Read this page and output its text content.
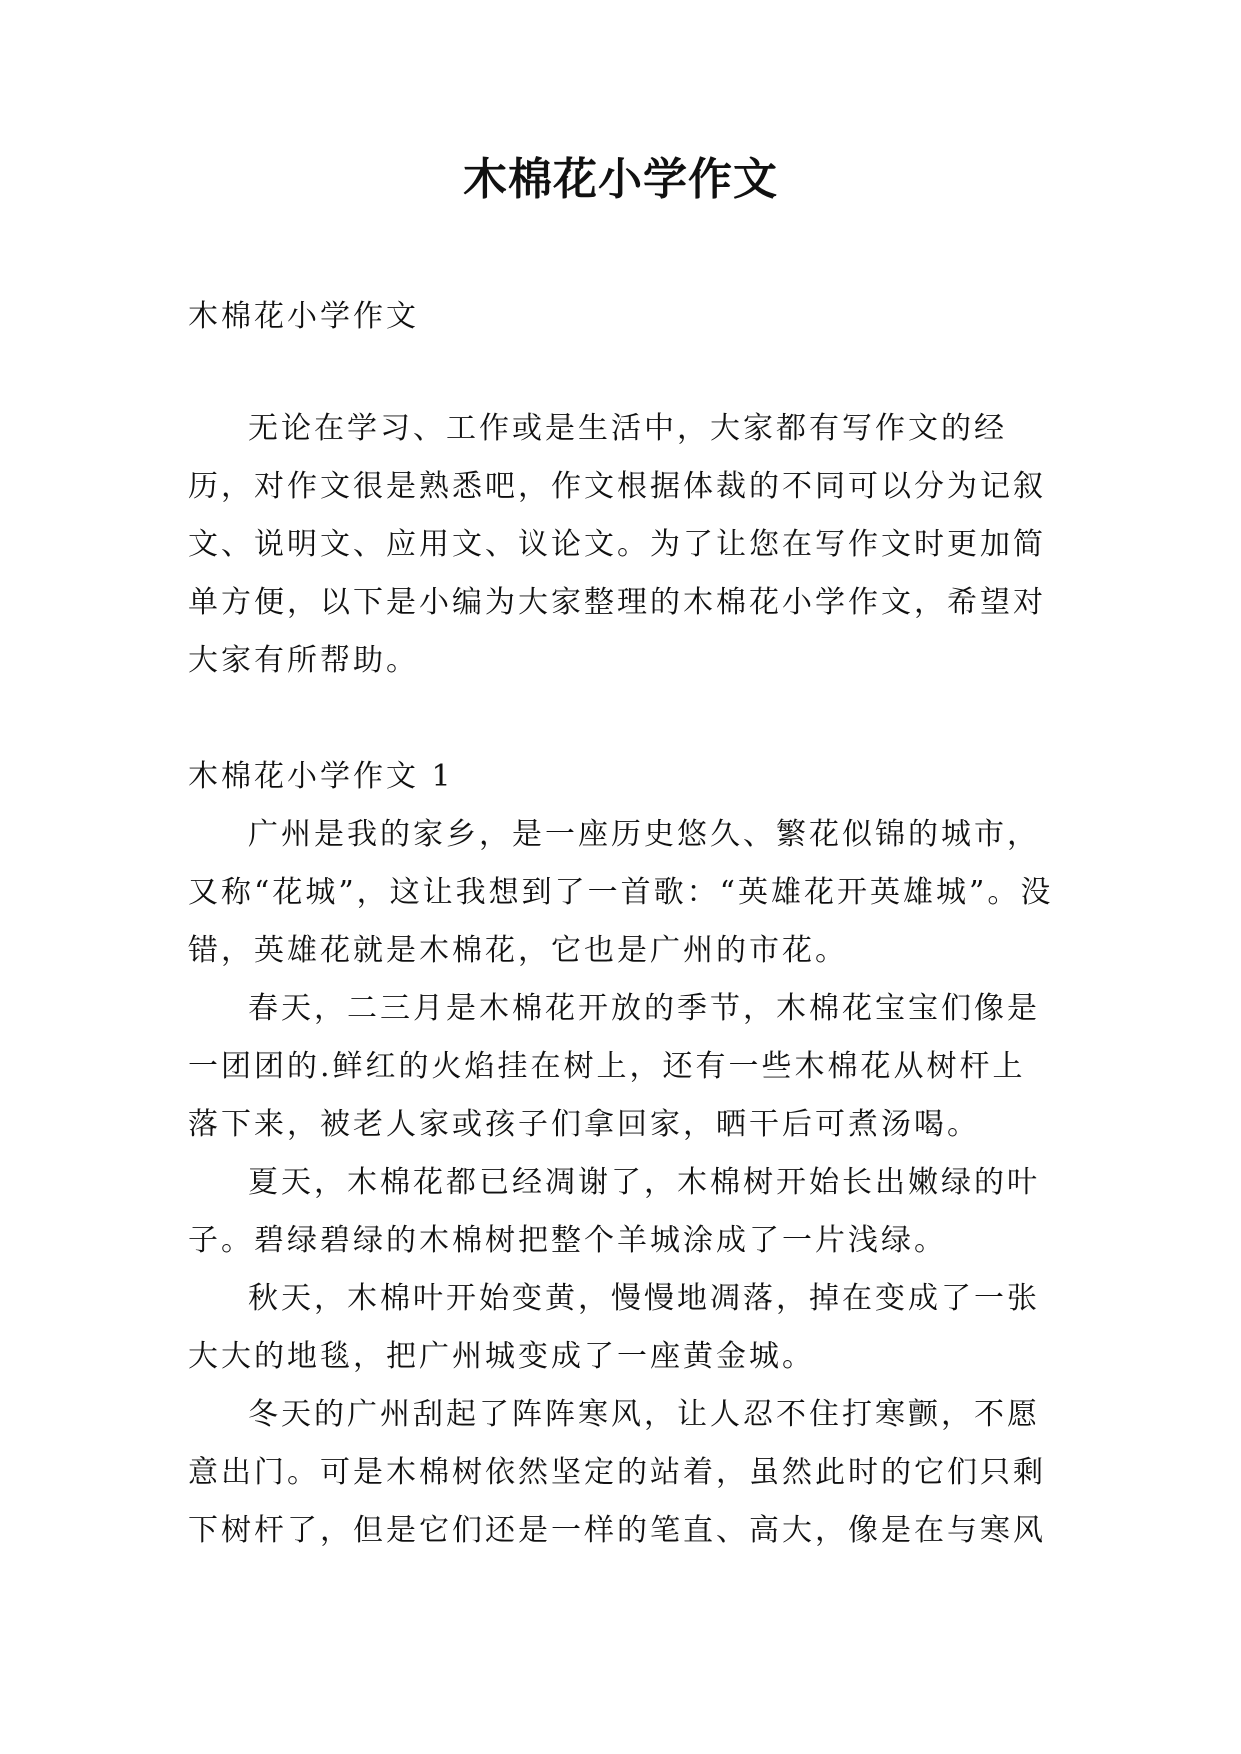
木棉花小学作文

木棉花小学作文

无论在学习、工作或是生活中，大家都有写作文的经历，对作文很是熟悉吧，作文根据体裁的不同可以分为记叙文、说明文、应用文、议论文。为了让您在写作文时更加简单方便，以下是小编为大家整理的木棉花小学作文，希望对大家有所帮助。

木棉花小学作文 1

广州是我的家乡，是一座历史悠久、繁花似锦的城市，又称“花城”，这让我想到了一首歌：“英雄花开英雄城”。没错，英雄花就是木棉花，它也是广州的市花。

春天，二三月是木棉花开放的季节，木棉花宝宝们像是一团团的.鲜红的火焰挂在树上，还有一些木棉花从树杆上落下来，被老人家或孩子们拿回家，晒干后可煮汤喝。

夏天，木棉花都已经凋谢了，木棉树开始长出嫩绿的叶子。碧绿碧绿的木棉树把整个羊城涂成了一片浅绿。

秋天，木棉叶开始变黄，慢慢地凋落，掉在变成了一张大大的地毯，把广州城变成了一座黄金城。

冬天的广州刮起了阵阵寒风，让人忍不住打寒颤，不愿意出门。可是木棉树依然坚定的站着，虽然此时的它们只剩下树杆了，但是它们还是一样的笔直、高大，像是在与寒风
